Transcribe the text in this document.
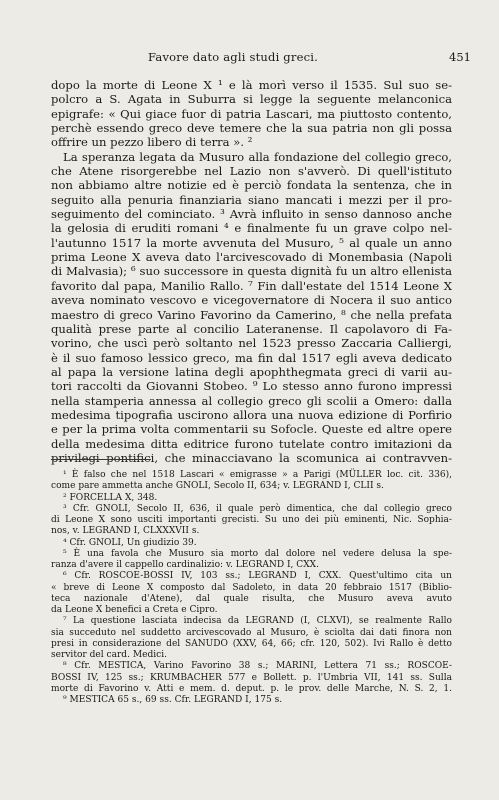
Favore dato agli studi greci.	451
dopo la morte di Leone X ¹ e là morì verso il 1535. Sul suo se-
polcro a S. Agata in Suburra si legge la seguente melanconica
epigrafe: « Qui giace fuor di patria Lascari, ma piuttosto contento,
perchè essendo greco deve temere che la sua patria non gli possa
offrire un pezzo libero di terra ». ²
La speranza legata da Musuro alla fondazione del collegio greco,
che Atene risorgerebbe nel Lazio non s'avverò. Di quell'istituto
non abbiamo altre notizie ed è perciò fondata la sentenza, che in
seguito alla penuria finanziaria siano mancati i mezzi per il pro-
seguimento del cominciato. ³ Avrà influito in senso dannoso anche
la gelosia di eruditi romani ⁴ e finalmente fu un grave colpo nel-
l'autunno 1517 la morte avvenuta del Musuro, ⁵ al quale un anno
prima Leone X aveva dato l'arcivescovado di Monembasia (Napoli
di Malvasia); ⁶ suo successore in questa dignità fu un altro ellenista
favorito dal papa, Manilio Rallo. ⁷ Fin dall'estate del 1514 Leone X
aveva nominato vescovo e vicegovernatore di Nocera il suo antico
maestro di greco Varino Favorino da Camerino, ⁸ che nella prefata
qualità prese parte al concilio Lateranense. Il capolavoro di Fa-
vorino, che uscì però soltanto nel 1523 presso Zaccaria Calliergi,
è il suo famoso lessico greco, ma fin dal 1517 egli aveva dedicato
al papa la versione latina degli apophthegmata greci di varii au-
tori raccolti da Giovanni Stobeo. ⁹ Lo stesso anno furono impressi
nella stamperia annessa al collegio greco gli scolii a Omero: dalla
medesima tipografia uscirono allora una nuova edizione di Porfirio
e per la prima volta commentarii su Sofocle. Queste ed altre opere
della medesima ditta editrice furono tutelate contro imitazioni da
privilegi pontifici, che minacciavano la scomunica ai contravven-
¹ È falso che nel 1518 Lascari « emigrasse » a Parigi (MÜLLER loc. cit. 336),
come pare ammetta anche GNOLI, Secolo II, 634; v. LEGRAND I, CLII s.
² FORCELLA X, 348.
³ Cfr. GNOLI, Secolo II, 636, il quale però dimentica, che dal collegio greco
di Leone X sono usciti importanti grecisti. Su uno dei più eminenti, Nic. Sophia-
nos, v. LEGRAND I, CLXXXVII s.
⁴ Cfr. GNOLI, Un giudizio 39.
⁵ È una favola che Musuro sia morto dal dolore nel vedere delusa la spe-
ranza d'avere il cappello cardinalizio: v. LEGRAND I, CXX.
⁶ Cfr. ROSCOE-BOSSI IV, 103 ss.; LEGRAND I, CXX. Quest'ultimo cita un
« breve di Leone X composto dal Sadoleto, in data 20 febbraio 1517 (Biblio-
teca nazionale d'Atene), dal quale risulta, che Musuro aveva avuto
da Leone X benefici a Creta e Cipro.
⁷ La questione lasciata indecisa da LEGRAND (I, CLXVI), se realmente Rallo
sia succeduto nel suddetto arcivescovado al Musuro, è sciolta dai dati finora non
presi in considerazione del SANUDO (XXV, 64, 66; cfr. 120, 502). Ivi Rallo è detto
servitor del card. Medici.
⁸ Cfr. MESTICA, Varino Favorino 38 s.; MARINI, Lettera 71 ss.; ROSCOE-
BOSSI IV, 125 ss.; KRUMBACHER 577 e Bollett. p. l'Umbria VII, 141 ss. Sulla
morte di Favorino v. Atti e mem. d. deput. p. le prov. delle Marche, N. S. 2, 1.
⁹ MESTICA 65 s., 69 ss. Cfr. LEGRAND I, 175 s.
